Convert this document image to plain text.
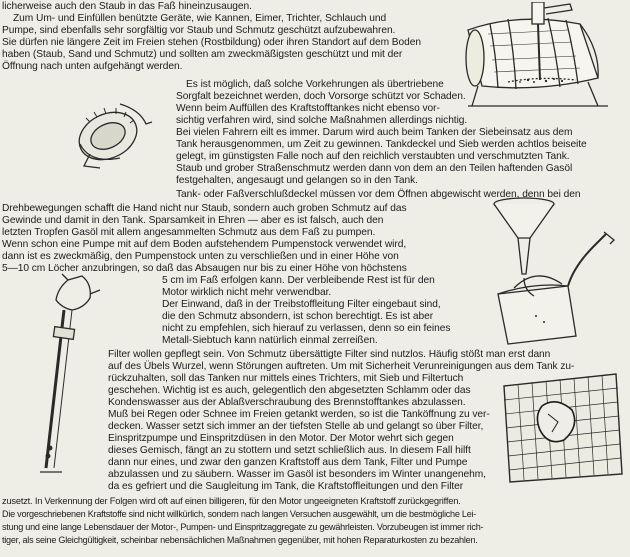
licherweise auch den Staub in das Faß hineinzusaugen.
Zum Um- und Einfüllen benützte Geräte, wie Kannen, Eimer, Trichter, Schlauch und
Pumpe, sind ebenfalls sehr sorgfältig vor Staub und Schmutz geschützt aufzubewahren.
Sie dürfen nie längere Zeit im Freien stehen (Rostbildung) oder ihren Standort auf dem Boden
haben (Staub, Sand und Schmutz) und sollten am zweckmäßigsten geschützt und mit der
Öffnung nach unten aufgehängt werden.
Es ist möglich, daß solche Vorkehrungen als übertriebene
Sorgfalt bezeichnet werden, doch Vorsorge schützt vor Schaden.
Wenn beim Auffüllen des Kraftstofftankes nicht ebenso vor-
sichtig verfahren wird, sind solche Maßnahmen allerdings nichtig.
Bei vielen Fahrern eilt es immer. Darum wird auch beim Tanken der Siebeinsatz aus dem
Tank herausgenommen, um Zeit zu gewinnen. Tankdeckel und Sieb werden achtlos beiseite
gelegt, im günstigsten Falle noch auf den reichlich verstaubten und verschmutzten Tank.
Staub und grober Straßenschmutz werden dann von dem an den Teilen haftenden Gasöl
festgehalten, angesaugt und gelangen so in den Tank.
Tank- oder Faßverschlußdeckel müssen vor dem Öffnen abgewischt werden, denn bei den
Drehbewegungen schafft die Hand nicht nur Staub, sondern auch groben Schmutz auf das
Gewinde und damit in den Tank. Sparsamkeit in Ehren — aber es ist falsch, auch den
letzten Tropfen Gasöl mit allem angesammelten Schmutz aus dem Faß zu pumpen.
Wenn schon eine Pumpe mit auf dem Boden aufstehendem Pumpenstock verwendet wird,
dann ist es zweckmäßig, den Pumpenstock unten zu verschließen und in einer Höhe von
5—10 cm Löcher anzubringen, so daß das Absaugen nur bis zu einer Höhe von höchstens
5 cm im Faß erfolgen kann. Der verbleibende Rest ist für den
Motor wirklich nicht mehr verwendbar.
Der Einwand, daß in der Treibstoffleitung Filter eingebaut sind,
die den Schmutz absondern, ist schon berechtigt. Es ist aber
nicht zu empfehlen, sich hierauf zu verlassen, denn so ein feines
Metall-Siebtuch kann natürlich einmal zerreißen.
Filter wollen gepflegt sein. Von Schmutz übersättigte Filter sind nutzlos. Häufig stößt man erst dann
auf des Übels Wurzel, wenn Störungen auftreten. Um mit Sicherheit Verunreinigungen aus dem Tank zu-
rückzuhalten, soll das Tanken nur mittels eines Trichters, mit Sieb und Filtertuch
geschehen. Wichtig ist es auch, gelegentlich den abgesetzten Schlamm oder das
Kondenswasser aus der Ablaßverschraubung des Brennstofftankes abzulassen.
Muß bei Regen oder Schnee im Freien getankt werden, so ist die Tanköffnung zu ver-
decken. Wasser setzt sich immer an der tiefsten Stelle ab und gelangt so über Filter,
Einspritzpumpe und Einspritzdüsen in den Motor. Der Motor wehrt sich gegen
dieses Gemisch, fängt an zu stottern und setzt schließlich aus. In diesem Fall hilft
dann nur eines, und zwar den ganzen Kraftstoff aus dem Tank, Filter und Pumpe
abzulassen und zu säubern. Wasser im Gasöl ist besonders im Winter unangenehm,
da es gefriert und die Saugleitung im Tank, die Kraftstoffleitungen und den Filter
zusetzt. In Verkennung der Folgen wird oft auf einen billigeren, für den Motor ungeeigneten Kraftstoff zurückgegriffen.
Die vorgeschriebenen Kraftstoffe sind nicht willkürlich, sondern nach langen Versuchen ausgewählt, um die bestmögliche Lei-
stung und eine lange Lebensdauer der Motor-, Pumpen- und Einspritzaggregate zu gewährleisten. Vorzubeugen ist immer rich-
tiger, als seine Gleichgültigkeit, scheinbar nebensächlichen Maßnahmen gegenüber, mit hohen Reparaturkosten zu bezahlen.
